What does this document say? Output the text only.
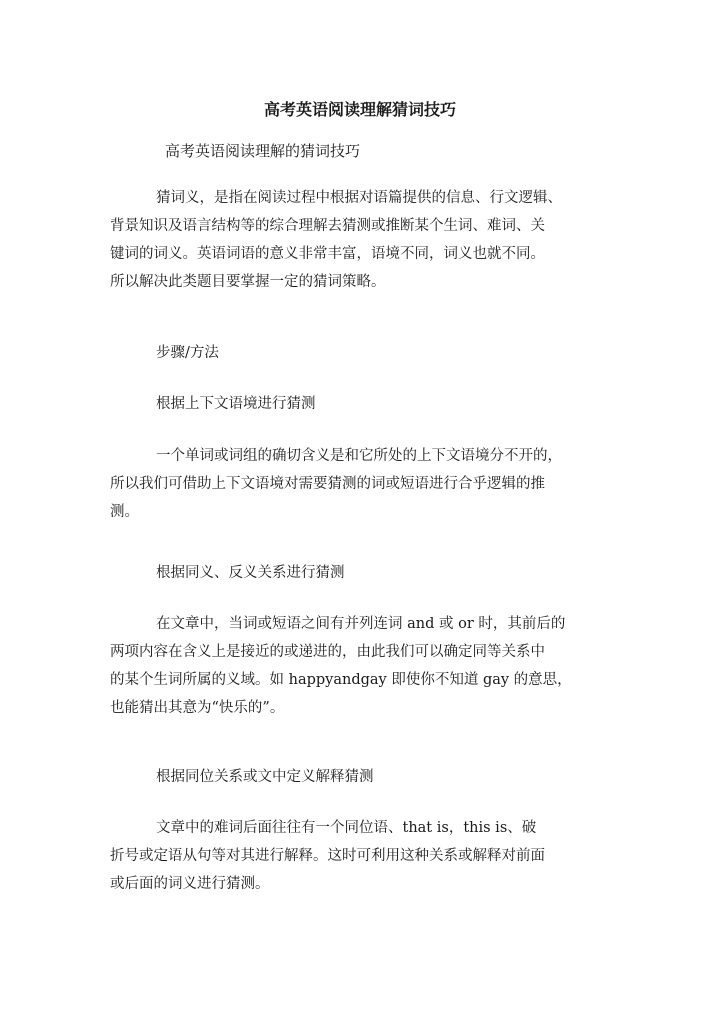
高考英语阅读理解猜词技巧
高考英语阅读理解的猜词技巧
猜词义，是指在阅读过程中根据对语篇提供的信息、行文逻辑、
背景知识及语言结构等的综合理解去猜测或推断某个生词、难词、关
键词的词义。英语词语的意义非常丰富，语境不同，词义也就不同。
所以解决此类题目要掌握一定的猜词策略。
步骤/方法
根据上下文语境进行猜测
一个单词或词组的确切含义是和它所处的上下文语境分不开的，
所以我们可借助上下文语境对需要猜测的词或短语进行合乎逻辑的推
测。
根据同义、反义关系进行猜测
在文章中，当词或短语之间有并列连词 and 或 or 时，其前后的
两项内容在含义上是接近的或递进的，由此我们可以确定同等关系中
的某个生词所属的义域。如 happyandgay 即使你不知道 gay 的意思，
也能猜出其意为“快乐的”。
根据同位关系或文中定义解释猜测
文章中的难词后面往往有一个同位语、that is，this is、破
折号或定语从句等对其进行解释。这时可利用这种关系或解释对前面
或后面的词义进行猜测。
